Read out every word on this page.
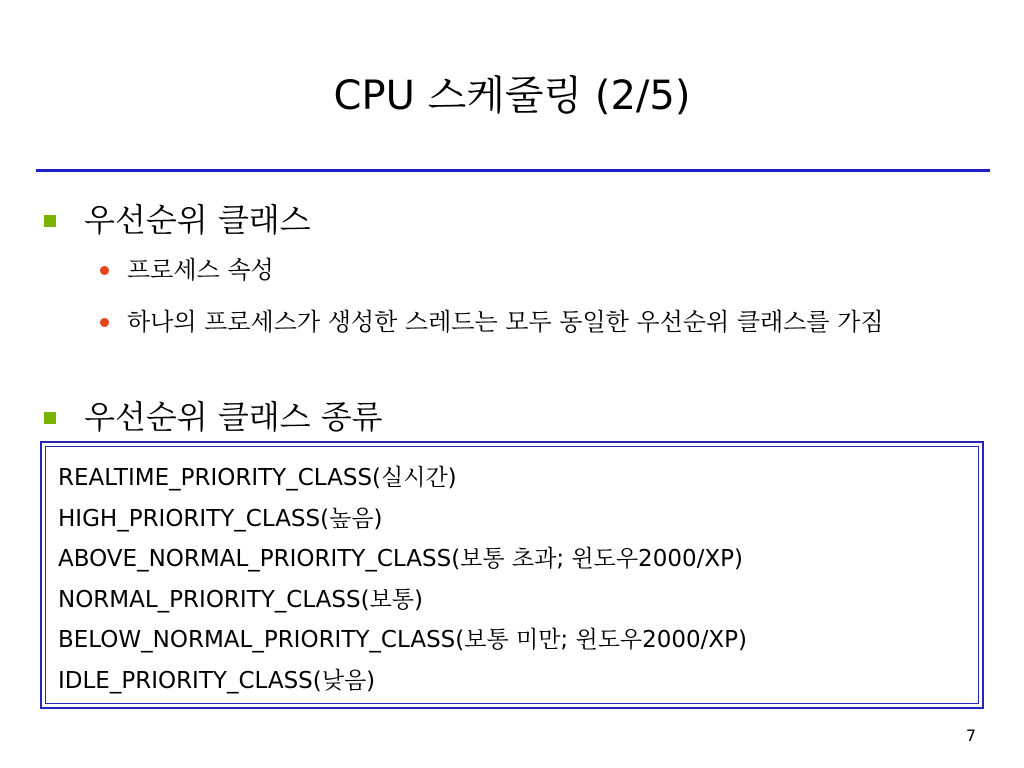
CPU 스케줄링 (2/5)
우선순위 클래스
프로세스 속성
하나의 프로세스가 생성한 스레드는 모두 동일한 우선순위 클래스를 가짐
우선순위 클래스 종류
REALTIME_PRIORITY_CLASS(실시간)
HIGH_PRIORITY_CLASS(높음)
ABOVE_NORMAL_PRIORITY_CLASS(보통 초과; 윈도우2000/XP)
NORMAL_PRIORITY_CLASS(보통)
BELOW_NORMAL_PRIORITY_CLASS(보통 미만; 윈도우2000/XP)
IDLE_PRIORITY_CLASS(낮음)
7
